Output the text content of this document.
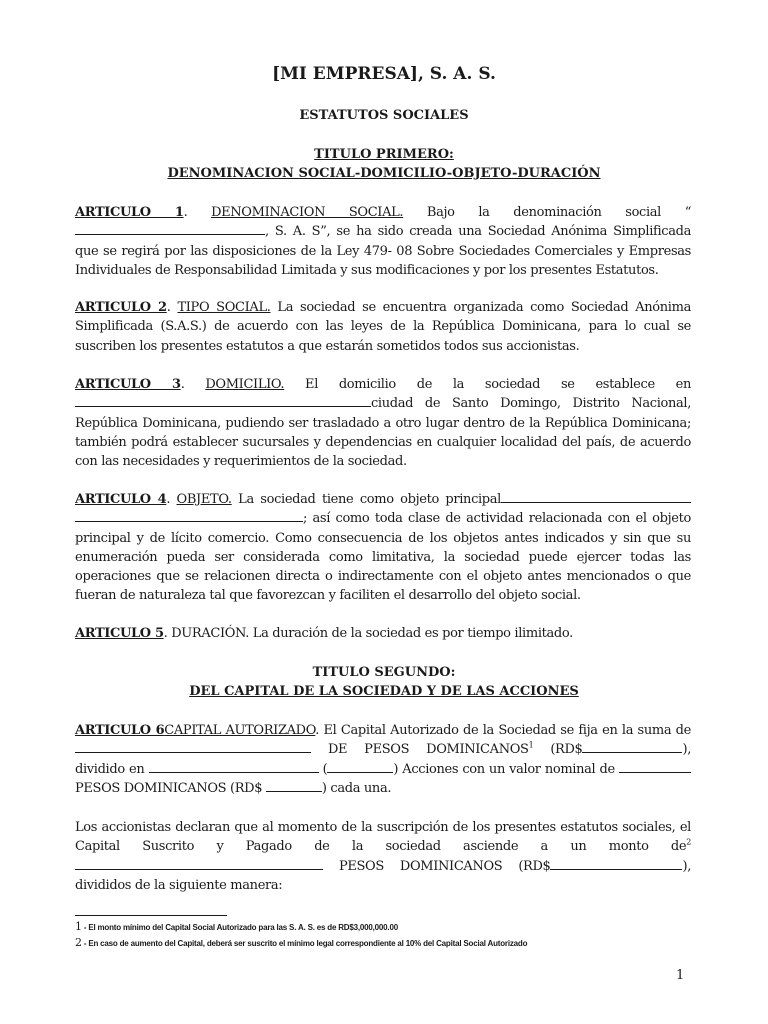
[MI EMPRESA], S. A. S.
ESTATUTOS SOCIALES
TITULO PRIMERO:
DENOMINACION SOCIAL-DOMICILIO-OBJETO-DURACIÓN
ARTICULO 1. DENOMINACION SOCIAL. Bajo la denominación social “, S. A. S”, se ha sido creada una Sociedad Anónima Simplificada que se regirá por las disposiciones de la Ley 479- 08 Sobre Sociedades Comerciales y Empresas Individuales de Responsabilidad Limitada y sus modificaciones y por los presentes Estatutos.
ARTICULO 2. TIPO SOCIAL. La sociedad se encuentra organizada como Sociedad Anónima Simplificada (S.A.S.) de acuerdo con las leyes de la República Dominicana, para lo cual se suscriben los presentes estatutos a que estarán sometidos todos sus accionistas.
ARTICULO 3. DOMICILIO. El domicilio de la sociedad se establece en ciudad de Santo Domingo, Distrito Nacional, República Dominicana, pudiendo ser trasladado a otro lugar dentro de la República Dominicana; también podrá establecer sucursales y dependencias en cualquier localidad del país, de acuerdo con las necesidades y requerimientos de la sociedad.
ARTICULO 4. OBJETO. La sociedad tiene como objeto principal ; así como toda clase de actividad relacionada con el objeto principal y de lícito comercio. Como consecuencia de los objetos antes indicados y sin que su enumeración pueda ser considerada como limitativa, la sociedad puede ejercer todas las operaciones que se relacionen directa o indirectamente con el objeto antes mencionados o que fueran de naturaleza tal que favorezcan y faciliten el desarrollo del objeto social.
ARTICULO 5. DURACIÓN. La duración de la sociedad es por tiempo ilimitado.
TITULO SEGUNDO:
DEL CAPITAL DE LA SOCIEDAD Y DE LAS ACCIONES
ARTICULO 6CAPITAL AUTORIZADO. El Capital Autorizado de la Sociedad se fija en la suma de  DE PESOS DOMINICANOS$^1$ (RD$	), dividido en	(	) Acciones con un valor nominal de  PESOS DOMINICANOS (RD$	) cada una.
Los accionistas declaran que al momento de la suscripción de los presentes estatutos sociales, el Capital Suscrito y Pagado de la sociedad asciende a un monto $de^2$  PESOS DOMINICANOS (RD$	), divididos de la siguiente manera:
1 - El monto mínimo del Capital Social Autorizado para las S. A. S. es de RD$3,000,000.00
2 - En caso de aumento del Capital, deberá ser suscrito el mínimo legal correspondiente al 10% del Capital Social Autorizado
1
